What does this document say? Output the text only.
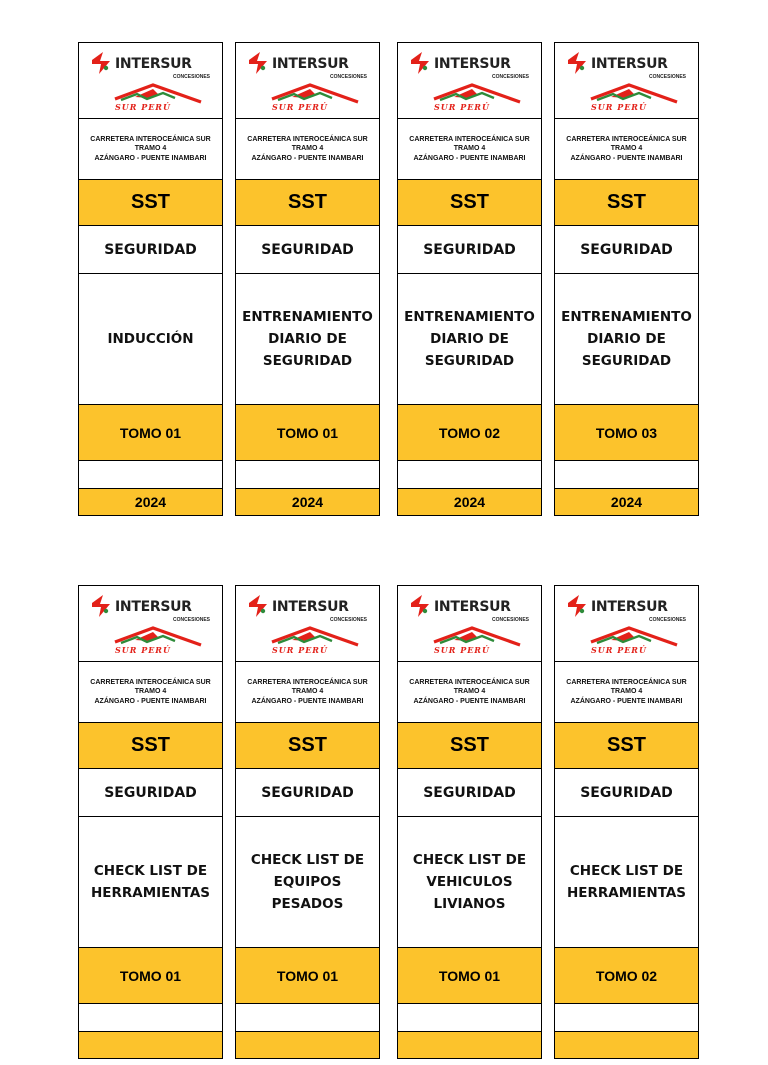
INTERSUR
CONCESIONES
SUR PERÚ
CARRETERA INTEROCEÁNICA SUR
TRAMO 4
AZÁNGARO - PUENTE INAMBARI
SST
SEGURIDAD
INDUCCIÓN
TOMO 01
2024
INTERSUR
CONCESIONES
SUR PERÚ
CARRETERA INTEROCEÁNICA SUR
TRAMO 4
AZÁNGARO - PUENTE INAMBARI
SST
SEGURIDAD
ENTRENAMIENTO
DIARIO DE
SEGURIDAD
TOMO 01
2024
INTERSUR
CONCESIONES
SUR PERÚ
CARRETERA INTEROCEÁNICA SUR
TRAMO 4
AZÁNGARO - PUENTE INAMBARI
SST
SEGURIDAD
ENTRENAMIENTO
DIARIO DE
SEGURIDAD
TOMO 02
2024
INTERSUR
CONCESIONES
SUR PERÚ
CARRETERA INTEROCEÁNICA SUR
TRAMO 4
AZÁNGARO - PUENTE INAMBARI
SST
SEGURIDAD
ENTRENAMIENTO
DIARIO DE
SEGURIDAD
TOMO 03
2024
INTERSUR
CONCESIONES
SUR PERÚ
CARRETERA INTEROCEÁNICA SUR
TRAMO 4
AZÁNGARO - PUENTE INAMBARI
SST
SEGURIDAD
CHECK LIST DE
HERRAMIENTAS
TOMO 01
INTERSUR
CONCESIONES
SUR PERÚ
CARRETERA INTEROCEÁNICA SUR
TRAMO 4
AZÁNGARO - PUENTE INAMBARI
SST
SEGURIDAD
CHECK LIST DE
EQUIPOS
PESADOS
TOMO 01
INTERSUR
CONCESIONES
SUR PERÚ
CARRETERA INTEROCEÁNICA SUR
TRAMO 4
AZÁNGARO - PUENTE INAMBARI
SST
SEGURIDAD
CHECK LIST DE
VEHICULOS
LIVIANOS
TOMO 01
INTERSUR
CONCESIONES
SUR PERÚ
CARRETERA INTEROCEÁNICA SUR
TRAMO 4
AZÁNGARO - PUENTE INAMBARI
SST
SEGURIDAD
CHECK LIST DE
HERRAMIENTAS
TOMO 02
